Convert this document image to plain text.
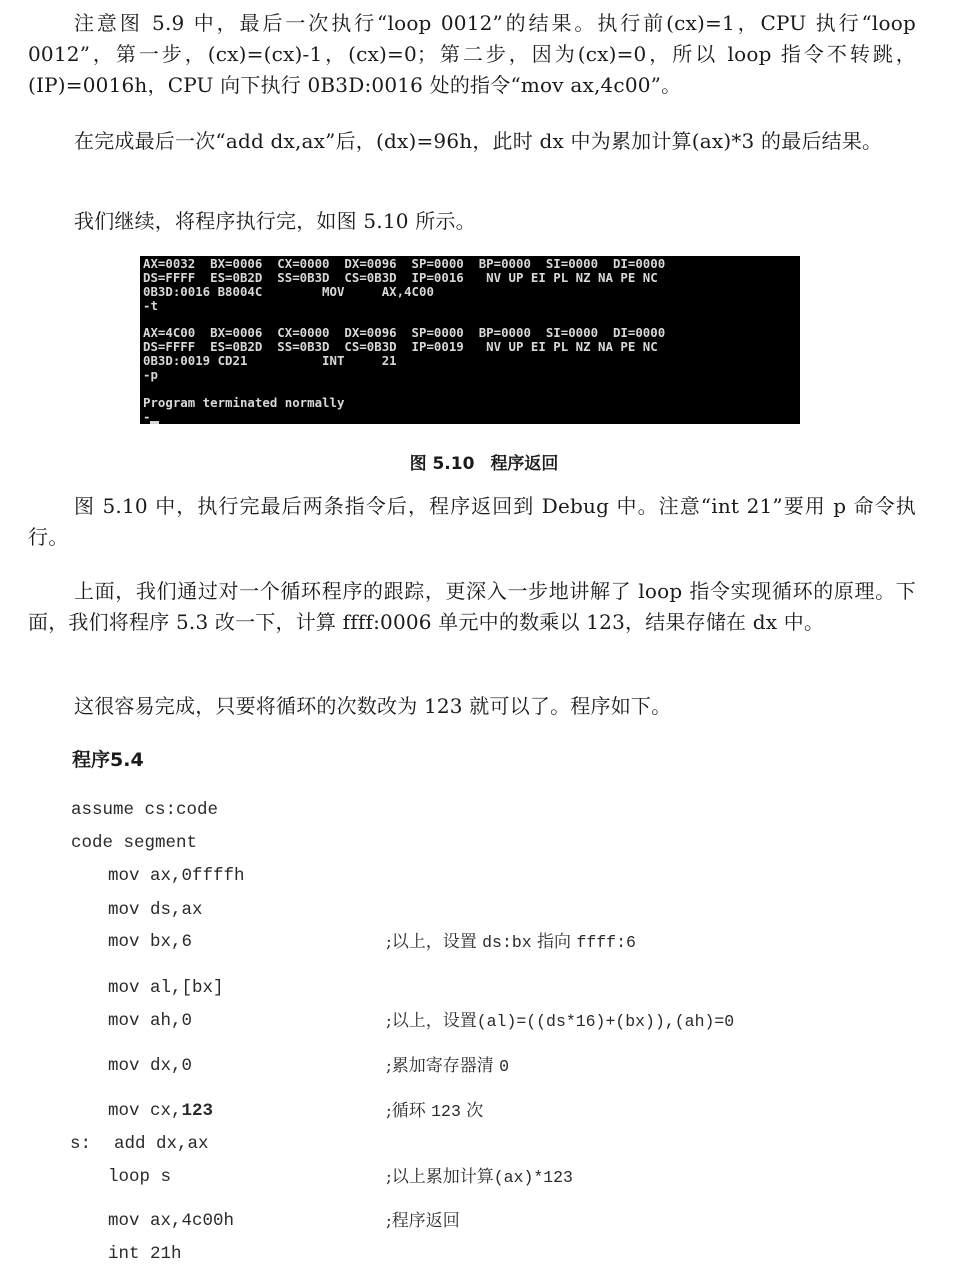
注意图 5.9 中，最后一次执行“loop 0012”的结果。执行前(cx)=1，CPU 执行“loop 0012”，第一步，(cx)=(cx)-1，(cx)=0；第二步，因为(cx)=0，所以 loop 指令不转跳，(IP)=0016h，CPU 向下执行 0B3D:0016 处的指令“mov ax,4c00”。

在完成最后一次“add dx,ax”后，(dx)=96h，此时 dx 中为累加计算(ax)*3 的最后结果。

我们继续，将程序执行完，如图 5.10 所示。

AX=0032  BX=0006  CX=0000  DX=0096  SP=0000  BP=0000  SI=0000  DI=0000
DS=FFFF  ES=0B2D  SS=0B3D  CS=0B3D  IP=0016   NV UP EI PL NZ NA PE NC
0B3D:0016 B8004C        MOV     AX,4C00
-t
AX=4C00  BX=0006  CX=0000  DX=0096  SP=0000  BP=0000  SI=0000  DI=0000
DS=FFFF  ES=0B2D  SS=0B3D  CS=0B3D  IP=0019   NV UP EI PL NZ NA PE NC
0B3D:0019 CD21          INT     21
-p
Program terminated normally
-

图 5.10 程序返回

图 5.10 中，执行完最后两条指令后，程序返回到 Debug 中。注意“int 21”要用 p 命令执行。

上面，我们通过对一个循环程序的跟踪，更深入一步地讲解了 loop 指令实现循环的原理。下面，我们将程序 5.3 改一下，计算 ffff:0006 单元中的数乘以 123，结果存储在 dx 中。

这很容易完成，只要将循环的次数改为 123 就可以了。程序如下。

程序5.4

assume cs:code
code segment
mov ax,0ffffh
mov ds,ax
mov bx,6	;以上，设置 ds:bx 指向 ffff:6
mov al,[bx]
mov ah,0	;以上，设置(al)=((ds*16)+(bx)),(ah)=0
mov dx,0	;累加寄存器清 0
mov cx,123	;循环 123 次
s: add dx,ax
loop s	;以上累加计算(ax)*123
mov ax,4c00h	;程序返回
int 21h
